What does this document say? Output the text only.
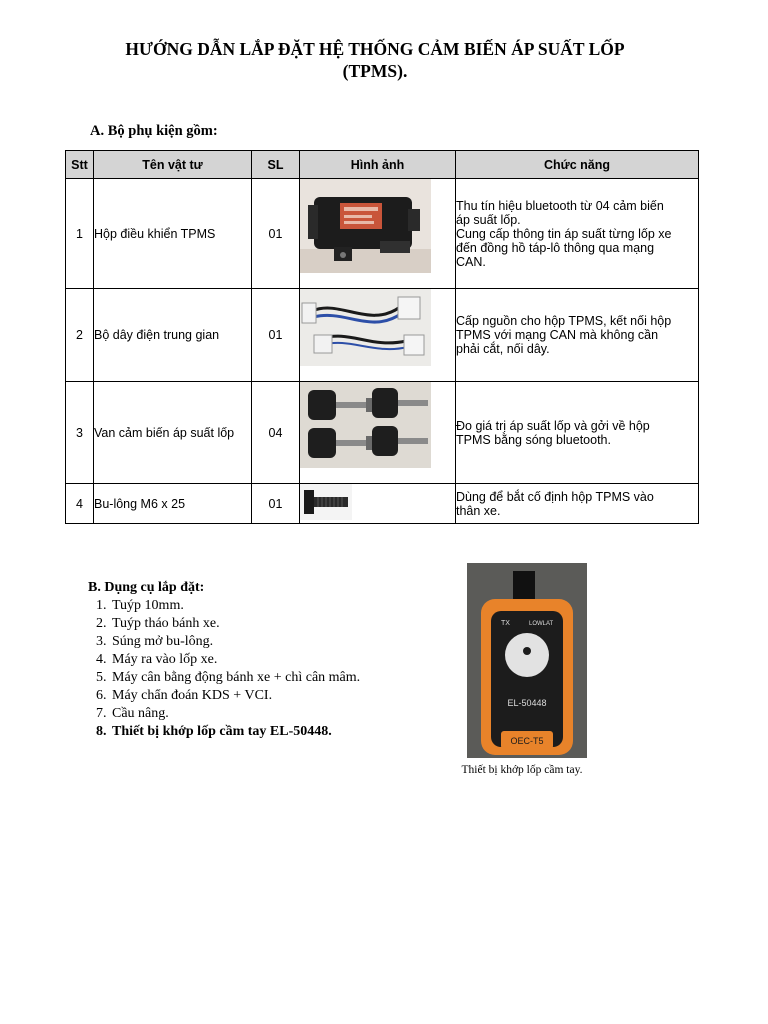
HƯỚNG DẪN LẮP ĐẶT HỆ THỐNG CẢM BIẾN ÁP SUẤT LỐP
(TPMS).
A. Bộ phụ kiện gồm:
Stt	Tên vật tư	SL	Hình ảnh	Chức năng
1	Hộp điều khiển TPMS	01		Thu tín hiệu bluetooth từ 04 cảm biến
áp suất lốp.
Cung cấp thông tin áp suất từng lốp xe
đến đồng hồ táp-lô thông qua mạng
CAN.

2	Bộ dây điện trung gian	01		Cấp nguồn cho hộp TPMS, kết nối hộp
TPMS với mạng CAN mà không cần
phải cắt, nối dây.

3	Van cảm biến áp suất lốp	04		Đo giá trị áp suất lốp và gởi về hộp
TPMS bằng sóng bluetooth.

4	Bu-lông M6 x 25	01		Dùng để bắt cố định hộp TPMS vào
thân xe.
B. Dụng cụ lắp đặt:
1. Tuýp 10mm.
2. Tuýp tháo bánh xe.
3. Súng mở bu-lông.
4. Máy ra vào lốp xe.
5. Máy cân bằng động bánh xe + chì cân mâm.
6. Máy chẩn đoán KDS + VCI.
7. Cầu nâng.
8. Thiết bị khớp lốp cầm tay EL-50448.
TX	LOWLAT
EL-50448
OEC-T5
Thiết bị khớp lốp cầm tay.
